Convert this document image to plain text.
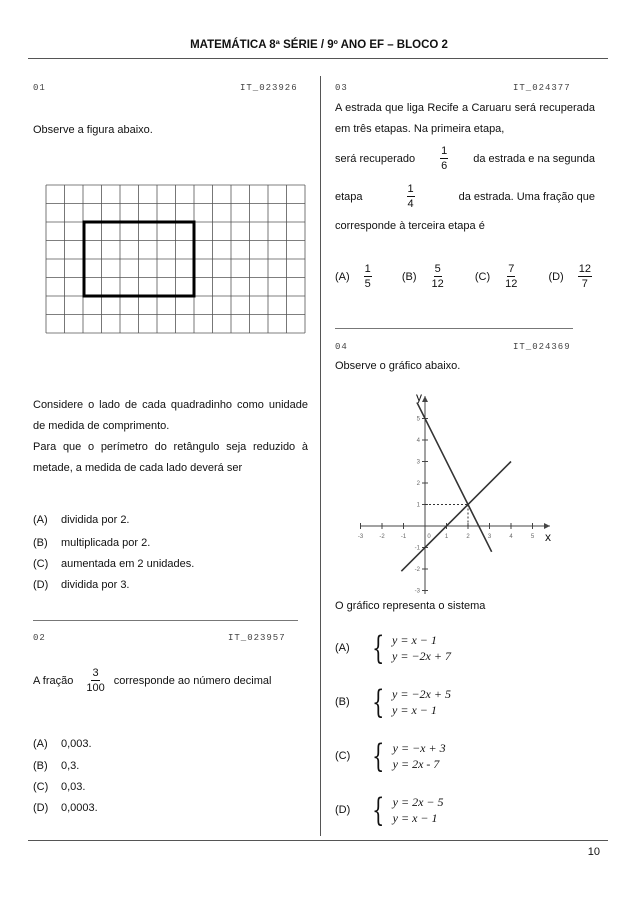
MATEMÁTICA 8ª SÉRIE / 9º ANO EF – BLOCO 2
01	IT_023926
Observe a figura abaixo.
Considere o lado de cada quadradinho como unidade de medida de comprimento.
Para que o perímetro do retângulo seja reduzido à metade, a medida de cada lado deverá ser
(A) dividida por 2.
(B) multiplicada por 2.
(C) aumentada em 2 unidades.
(D) dividida por 3.
02	IT_023957
A fração $\frac{3}{100}$ corresponde ao número decimal
(A) 0,003.
(B) 0,3.
(C) 0,03.
(D) 0,0003.
03	IT_024377
A estrada que liga Recife a Caruaru será recuperada em três etapas. Na primeira etapa,
será recuperado $\frac{1}{6}$ da estrada e na segunda
etapa	$\frac{1}{4}$	da estrada. Uma fração que
corresponde à terceira etapa é
$(A) \frac{1}{5}$	$(B) \frac{5}{12}$	$(C) \frac{7}{12}$	$(D) \frac{12}{7}$
04	IT_024369
Observe o gráfico abaixo.
-3	-2	-1	0 1	2	3	4	5
5
4
3
2
1
-1
-2
-3
y
x
O gráfico representa o sistema
(A) { y = x − 1
y = −2x + 7
(B) { y = −2x + 5
y = x − 1
(C) { y = −x + 3
y = 2x - 7
(D) { y = 2x − 5
y = x − 1
10
